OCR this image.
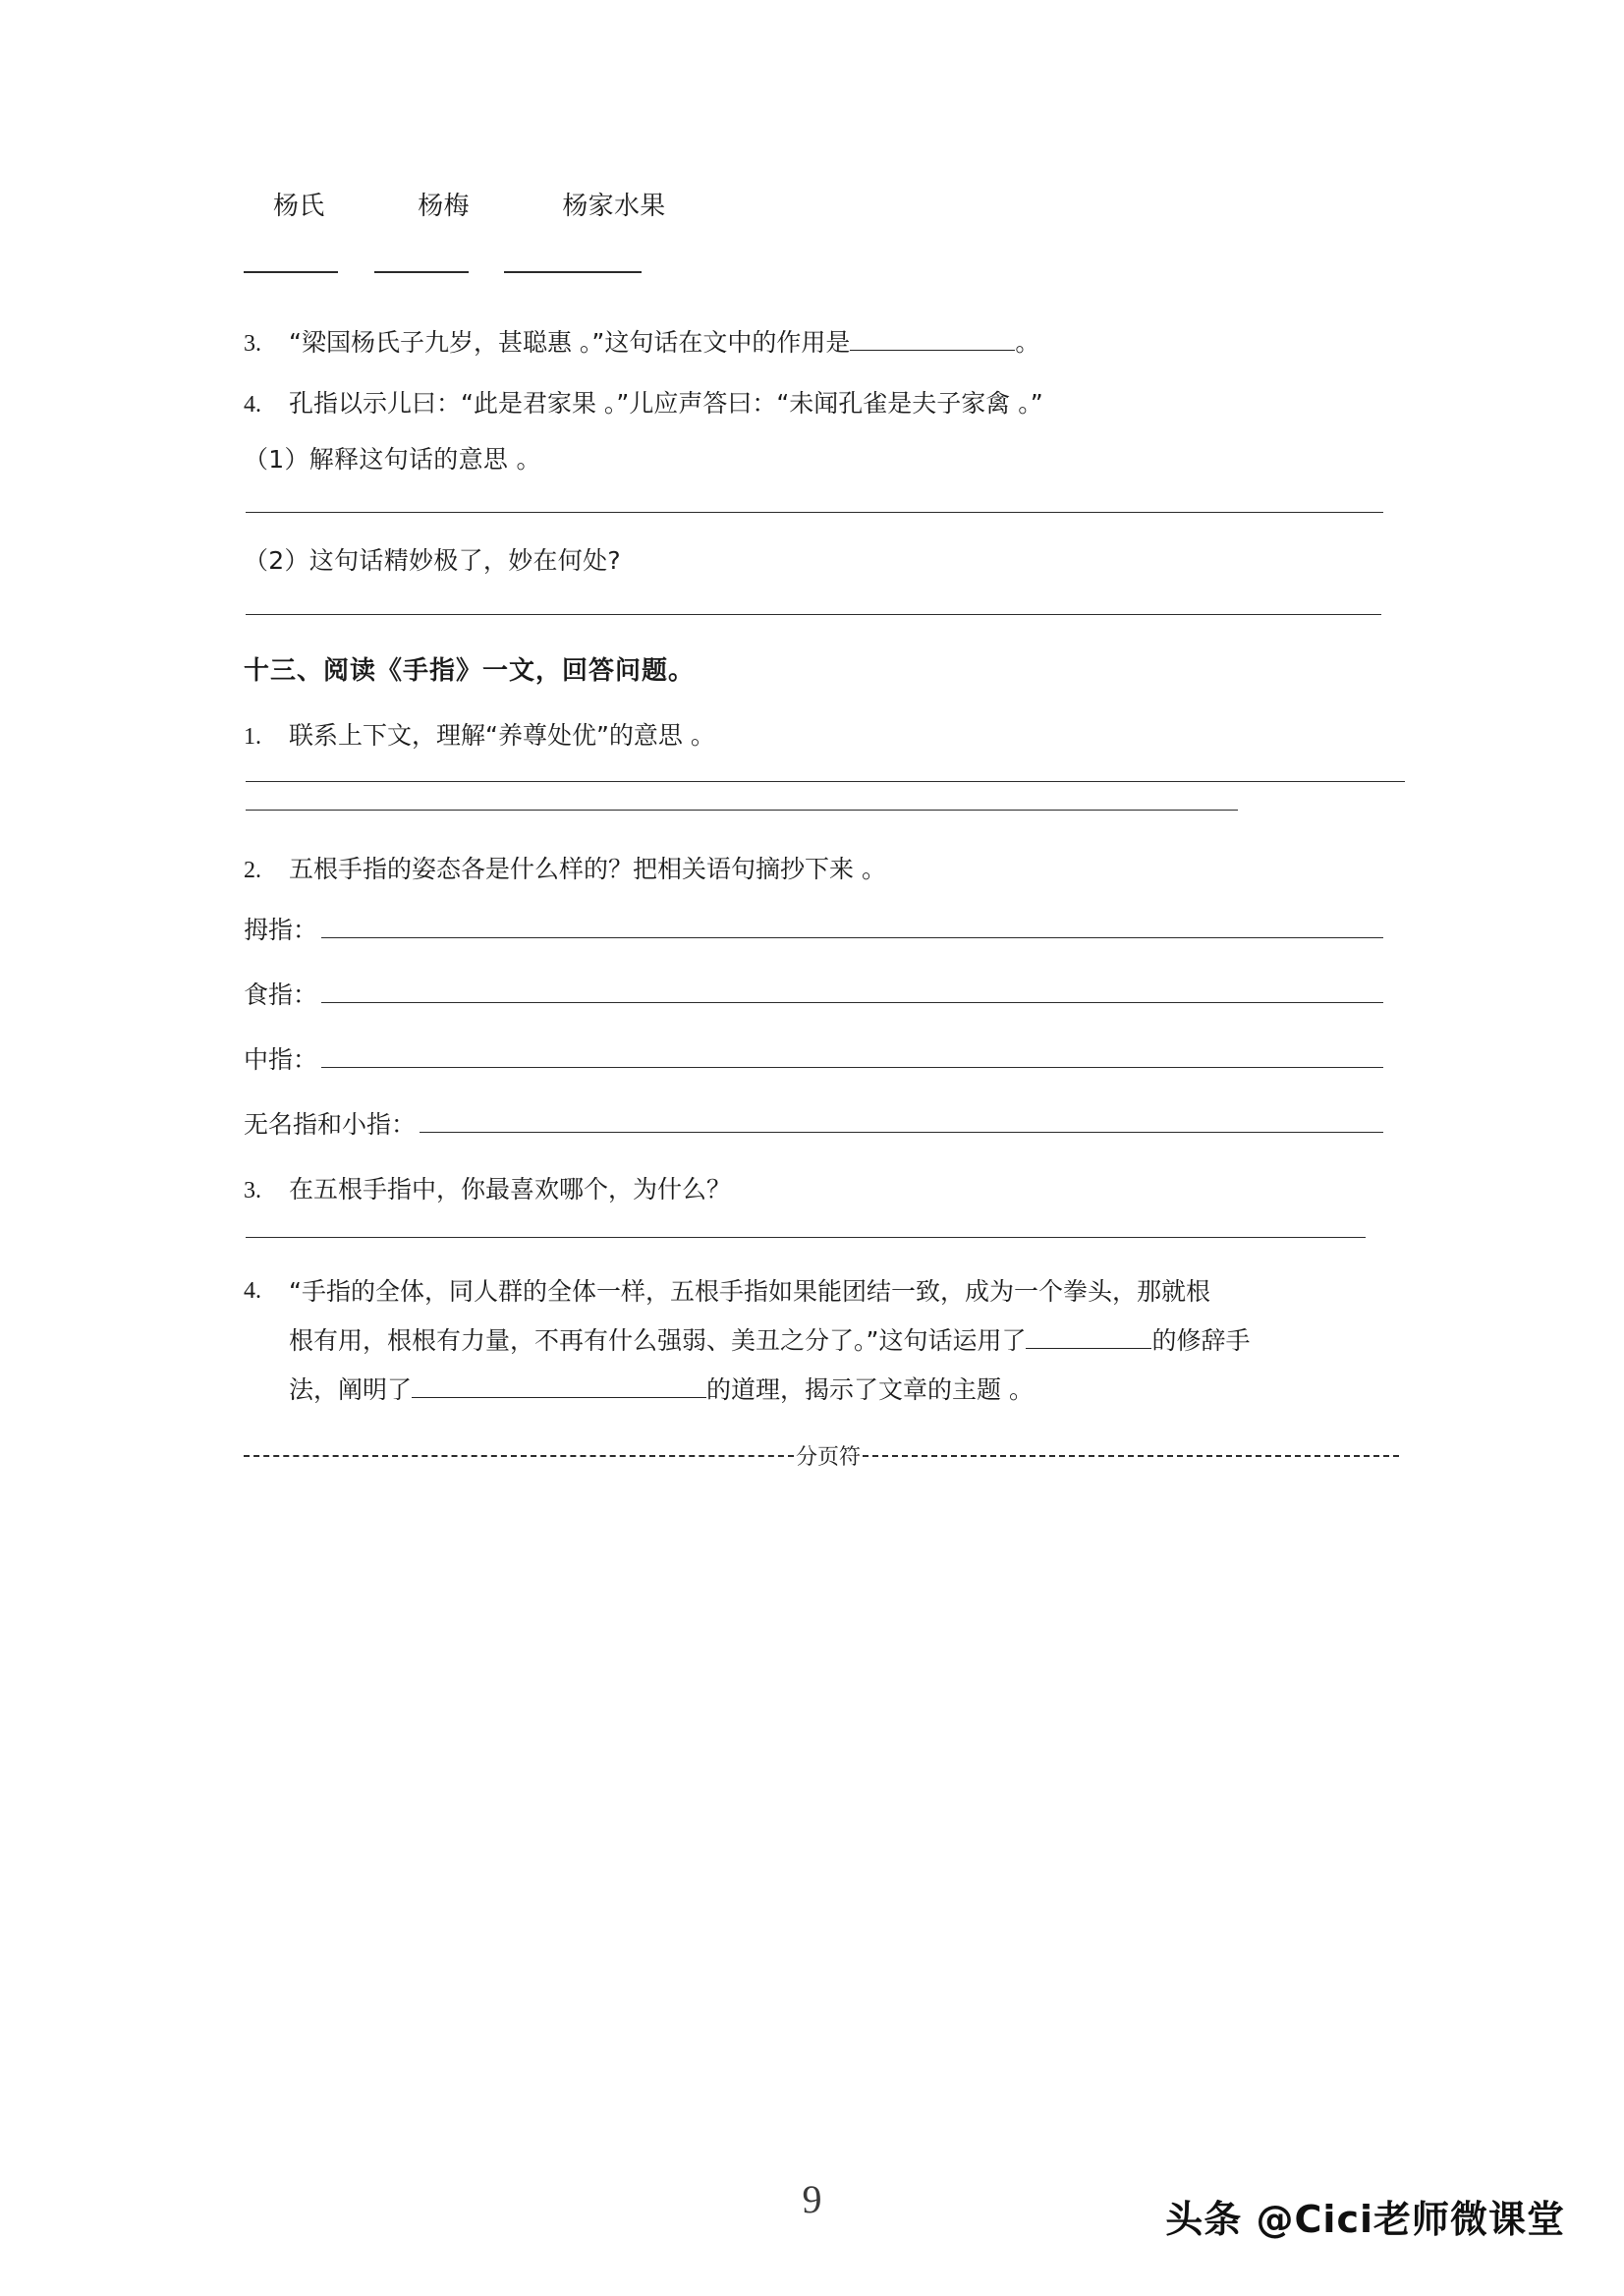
杨氏	杨梅	杨家水果

3.	“梁国杨氏子九岁，甚聪惠 。”这句话在文中的作用是	。
4.	孔指以示儿曰：“此是君家果 。”儿应声答曰：“未闻孔雀是夫子家禽 。”
（1）解释这句话的意思 。
（2）这句话精妙极了，妙在何处?
十三、阅读《手指》一文，回答问题。
1.	联系上下文，理解“养尊处优”的意思 。
2.	五根手指的姿态各是什么样的？把相关语句摘抄下来 。
拇指：
食指：
中指：
无名指和小指：
3.	在五根手指中，你最喜欢哪个，为什么？
4.	“手指的全体，同人群的全体一样，五根手指如果能团结一致，成为一个拳头，那就根
根有用，根根有力量，不再有什么强弱、美丑之分了。”这句话运用了	的修辞手
法，阐明了	的道理，揭示了文章的主题 。
分页符
9	头条 @Cici老师微课堂
